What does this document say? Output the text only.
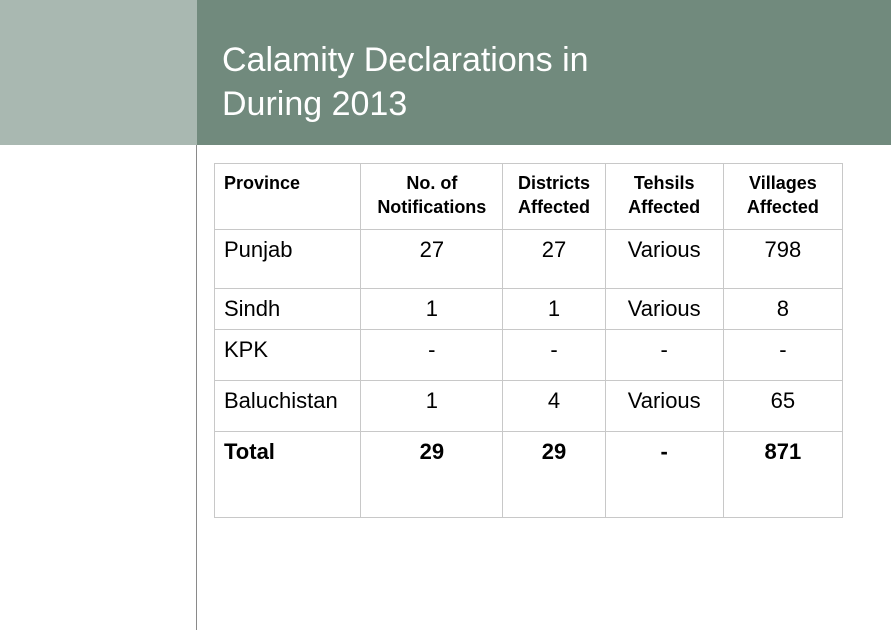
Calamity Declarations in
During 2013
Province	No. of Notifications	Districts Affected	Tehsils Affected	Villages Affected
Punjab	27	27	Various	798
Sindh	1	1	Various	8
KPK	-	-	-	-
Baluchistan	1	4	Various	65
Total	29	29	-	871
